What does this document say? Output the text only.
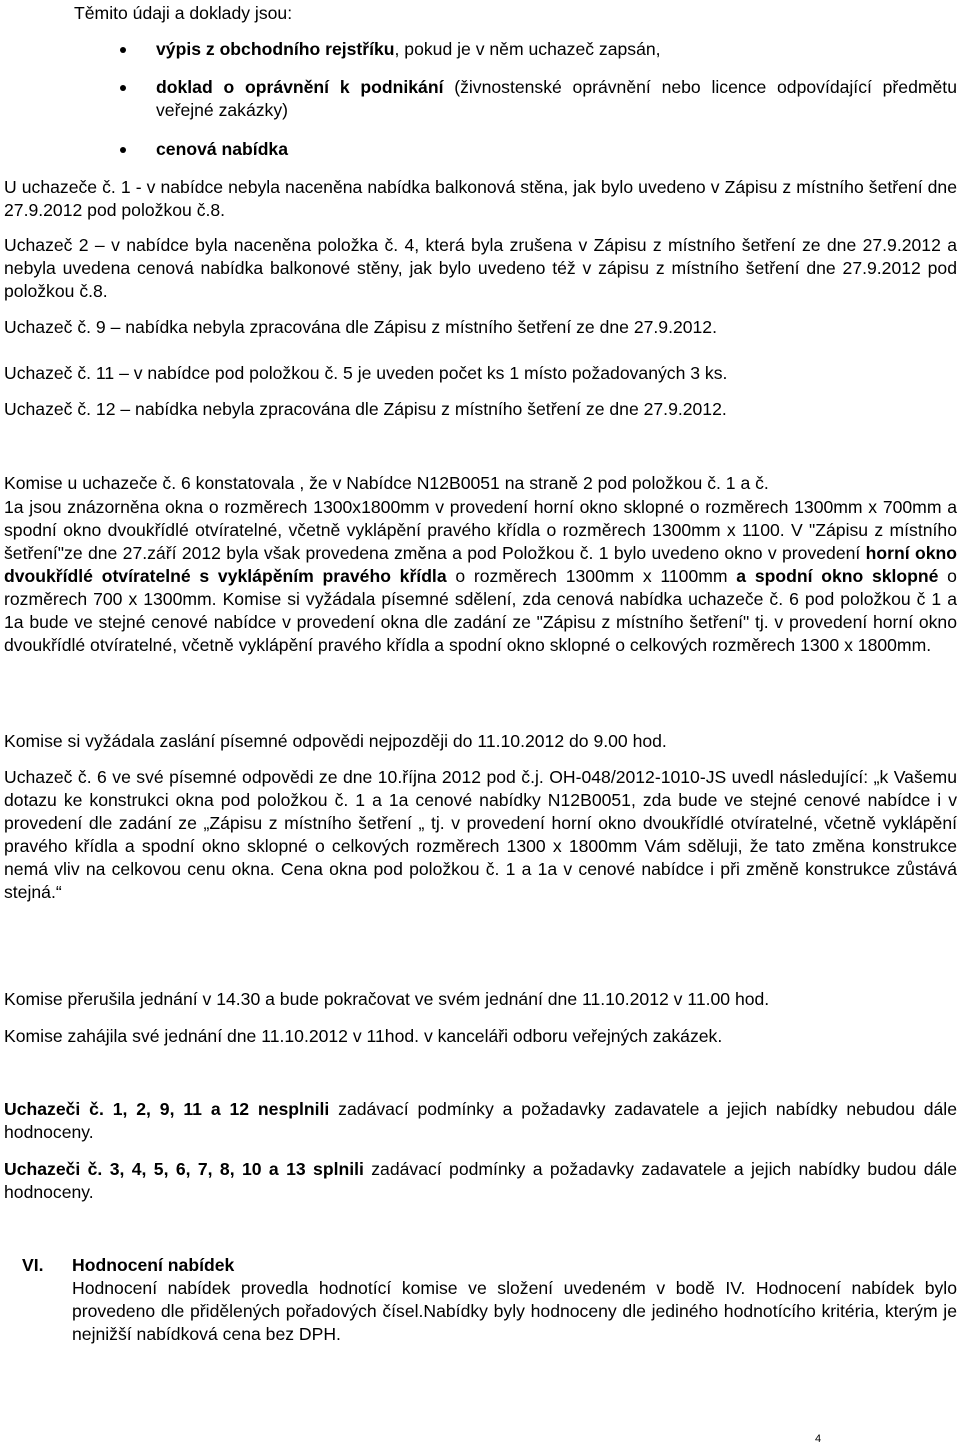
Těmito údaji a doklady jsou:

výpis z obchodního rejstříku, pokud je v něm uchazeč zapsán,
doklad o oprávnění k podnikání (živnostenské oprávnění nebo licence odpovídající předmětu veřejné zakázky)
cenová nabídka

U uchazeče č. 1 - v nabídce nebyla naceněna nabídka balkonová stěna, jak bylo uvedeno v Zápisu z místního šetření dne 27.9.2012 pod položkou č.8.

Uchazeč 2 – v nabídce byla naceněna položka č. 4, která byla zrušena v Zápisu z místního šetření ze dne 27.9.2012 a nebyla uvedena cenová nabídka balkonové stěny, jak bylo uvedeno též v zápisu z místního šetření dne 27.9.2012 pod položkou č.8.

Uchazeč č. 9 – nabídka nebyla zpracována dle Zápisu z místního šetření ze dne 27.9.2012.

Uchazeč č. 11 – v nabídce pod položkou č. 5 je uveden počet ks 1 místo požadovaných 3 ks.

Uchazeč č. 12 – nabídka nebyla zpracována dle Zápisu z místního šetření ze dne 27.9.2012.

Komise u uchazeče č. 6 konstatovala , že v Nabídce N12B0051 na straně 2 pod položkou č. 1 a č.

1a jsou znázorněna okna o rozměrech 1300x1800mm v provedení horní okno sklopné o rozměrech 1300mm x 700mm a spodní okno dvoukřídlé otvíratelné, včetně vyklápění pravého křídla o rozměrech 1300mm x 1100. V "Zápisu z místního šetření"ze dne 27.září 2012 byla však provedena změna a pod Položkou č. 1 bylo uvedeno okno v provedení horní okno dvoukřídlé otvíratelné s vyklápěním pravého křídla o rozměrech 1300mm x 1100mm a spodní okno sklopné o rozměrech 700 x 1300mm. Komise si vyžádala písemné sdělení, zda cenová nabídka uchazeče č. 6 pod položkou č 1 a 1a bude ve stejné cenové nabídce v provedení okna dle zadání ze "Zápisu z místního šetření" tj. v provedení horní okno dvoukřídlé otvíratelné, včetně vyklápění pravého křídla a spodní okno sklopné o celkových rozměrech 1300 x 1800mm.

Komise si vyžádala zaslání písemné odpovědi nejpozději do 11.10.2012 do 9.00 hod.

Uchazeč č. 6 ve své písemné odpovědi ze dne 10.října 2012 pod č.j. OH-048/2012-1010-JS uvedl následující: „k Vašemu dotazu ke konstrukci okna pod položkou č. 1 a 1a cenové nabídky N12B0051, zda bude ve stejné cenové nabídce i v provedení dle zadání ze „Zápisu z místního šetření „ tj. v provedení horní okno dvoukřídlé otvíratelné, včetně vyklápění pravého křídla a spodní okno sklopné o celkových rozměrech 1300 x 1800mm Vám sděluji, že tato změna konstrukce nemá vliv na celkovou cenu okna. Cena okna pod položkou č. 1 a 1a v cenové nabídce i při změně konstrukce zůstává stejná.“

Komise přerušila jednání v 14.30 a bude pokračovat ve svém jednání dne 11.10.2012 v 11.00 hod.

Komise zahájila své jednání dne 11.10.2012 v 11hod. v kanceláři odboru veřejných zakázek.

Uchazeči č. 1, 2, 9, 11 a 12 nesplnili zadávací podmínky a požadavky zadavatele a jejich nabídky nebudou dále hodnoceny.

Uchazeči č. 3, 4, 5, 6, 7, 8, 10 a 13 splnili zadávací podmínky a požadavky zadavatele a jejich nabídky budou dále hodnoceny.

VI. Hodnocení nabídek
Hodnocení nabídek provedla hodnotící komise ve složení uvedeném v bodě IV. Hodnocení nabídek bylo provedeno dle přidělených pořadových čísel.Nabídky byly hodnoceny dle jediného hodnotícího kritéria, kterým je nejnižší nabídková cena bez DPH.
4
